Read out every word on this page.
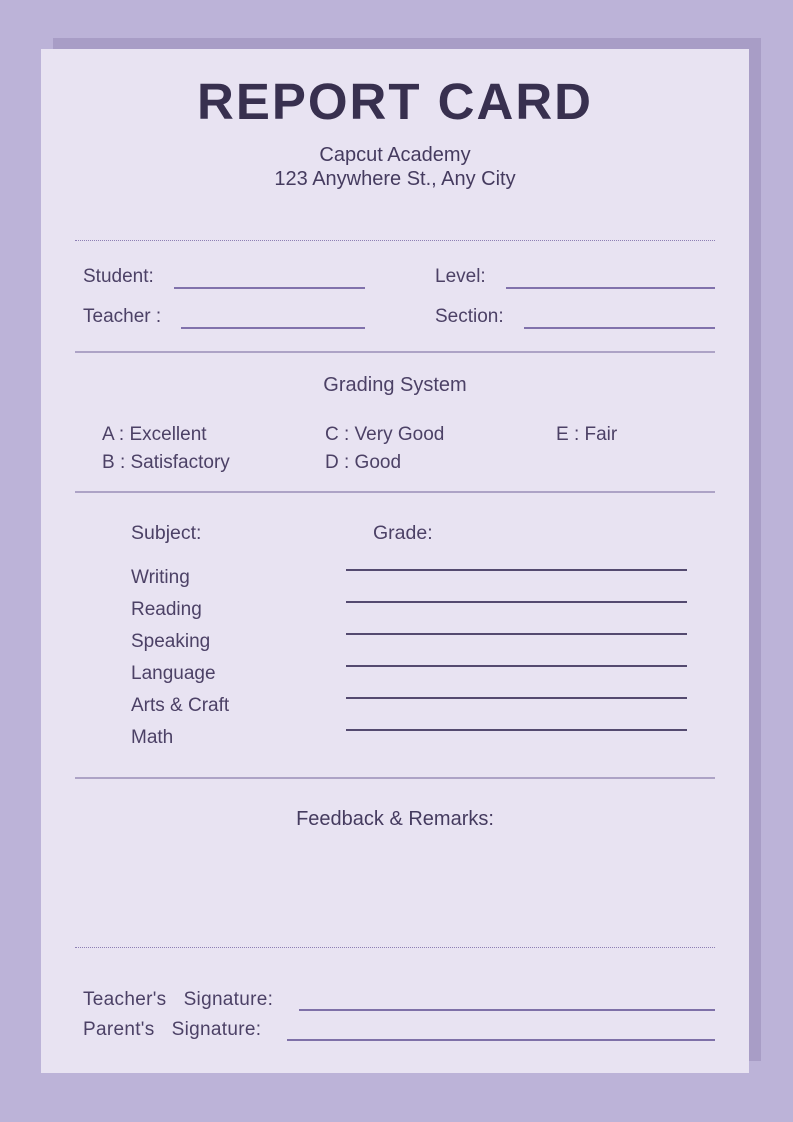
REPORT CARD
Capcut Academy
123 Anywhere St., Any City
Student:	Level:
Teacher :	Section:
Grading System
A : Excellent
B : Satisfactory
C : Very Good
D : Good
E : Fair
Subject:	Grade:
Writing
Reading
Speaking
Language
Arts & Craft
Math
Feedback & Remarks:
Teacher's  Signature:
Parent's  Signature:
